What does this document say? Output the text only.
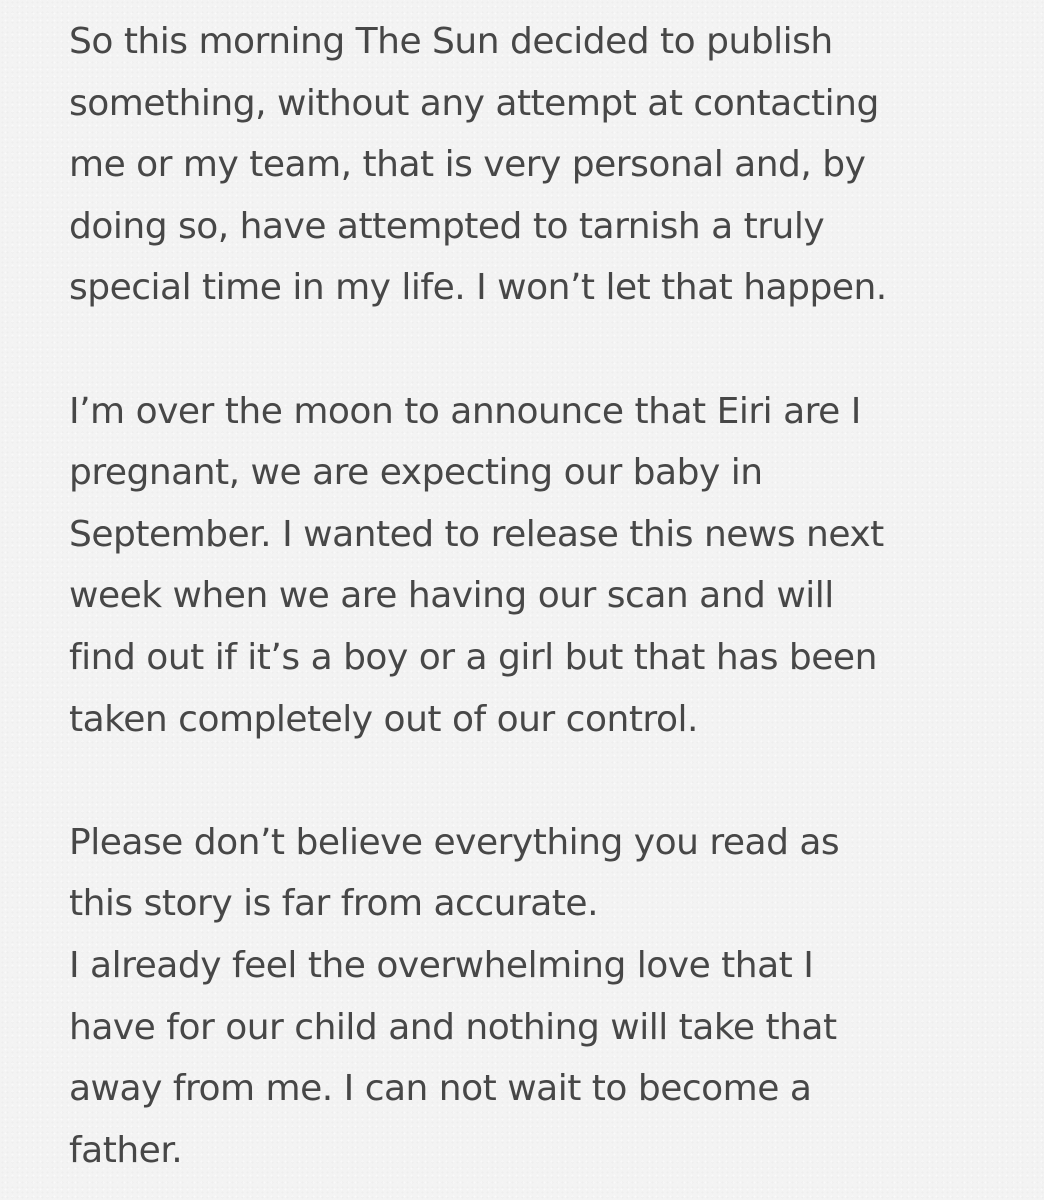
So this morning The Sun decided to publish
something, without any attempt at contacting
me or my team, that is very personal and, by
doing so, have attempted to tarnish a truly
special time in my life. I won’t let that happen.
I’m over the moon to announce that Eiri are I
pregnant, we are expecting our baby in
September. I wanted to release this news next
week when we are having our scan and will
find out if it’s a boy or a girl but that has been
taken completely out of our control.
Please don’t believe everything you read as
this story is far from accurate.
I already feel the overwhelming love that I
have for our child and nothing will take that
away from me. I can not wait to become a
father.
